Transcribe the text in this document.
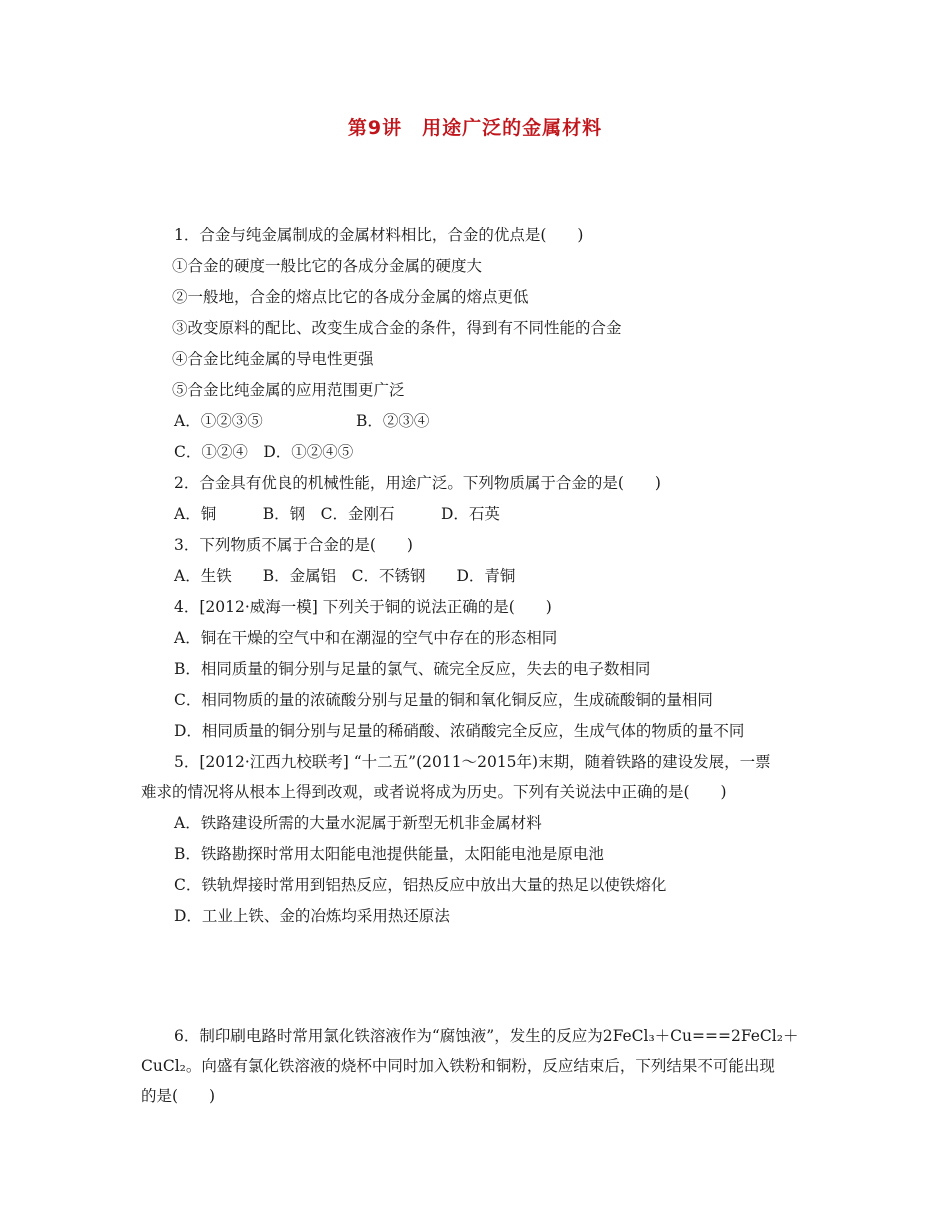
第9讲　用途广泛的金属材料
1．合金与纯金属制成的金属材料相比，合金的优点是(　　)
①合金的硬度一般比它的各成分金属的硬度大
②一般地，合金的熔点比它的各成分金属的熔点更低
③改变原料的配比、改变生成合金的条件，得到有不同性能的合金
④合金比纯金属的导电性更强
⑤合金比纯金属的应用范围更广泛
A．①②③⑤	B．②③④
C．①②④　D．①②④⑤
2．合金具有优良的机械性能，用途广泛。下列物质属于合金的是(　　)
A．铜　　　B．钢　C．金刚石　　　D．石英
3．下列物质不属于合金的是(　　)
A．生铁　　B．金属铝　C．不锈钢　　D．青铜
4．[2012·威海一模] 下列关于铜的说法正确的是(　　)
A．铜在干燥的空气中和在潮湿的空气中存在的形态相同
B．相同质量的铜分别与足量的氯气、硫完全反应，失去的电子数相同
C．相同物质的量的浓硫酸分别与足量的铜和氧化铜反应，生成硫酸铜的量相同
D．相同质量的铜分别与足量的稀硝酸、浓硝酸完全反应，生成气体的物质的量不同
5．[2012·江西九校联考] “十二五”(2011～2015年)末期，随着铁路的建设发展，一票
难求的情况将从根本上得到改观，或者说将成为历史。下列有关说法中正确的是(　　)
A．铁路建设所需的大量水泥属于新型无机非金属材料
B．铁路勘探时常用太阳能电池提供能量，太阳能电池是原电池
C．铁轨焊接时常用到铝热反应，铝热反应中放出大量的热足以使铁熔化
D．工业上铁、金的冶炼均采用热还原法
6．制印刷电路时常用氯化铁溶液作为“腐蚀液”，发生的反应为2FeCl₃＋Cu===2FeCl₂＋
CuCl₂。向盛有氯化铁溶液的烧杯中同时加入铁粉和铜粉，反应结束后，下列结果不可能出现
的是(　　)
